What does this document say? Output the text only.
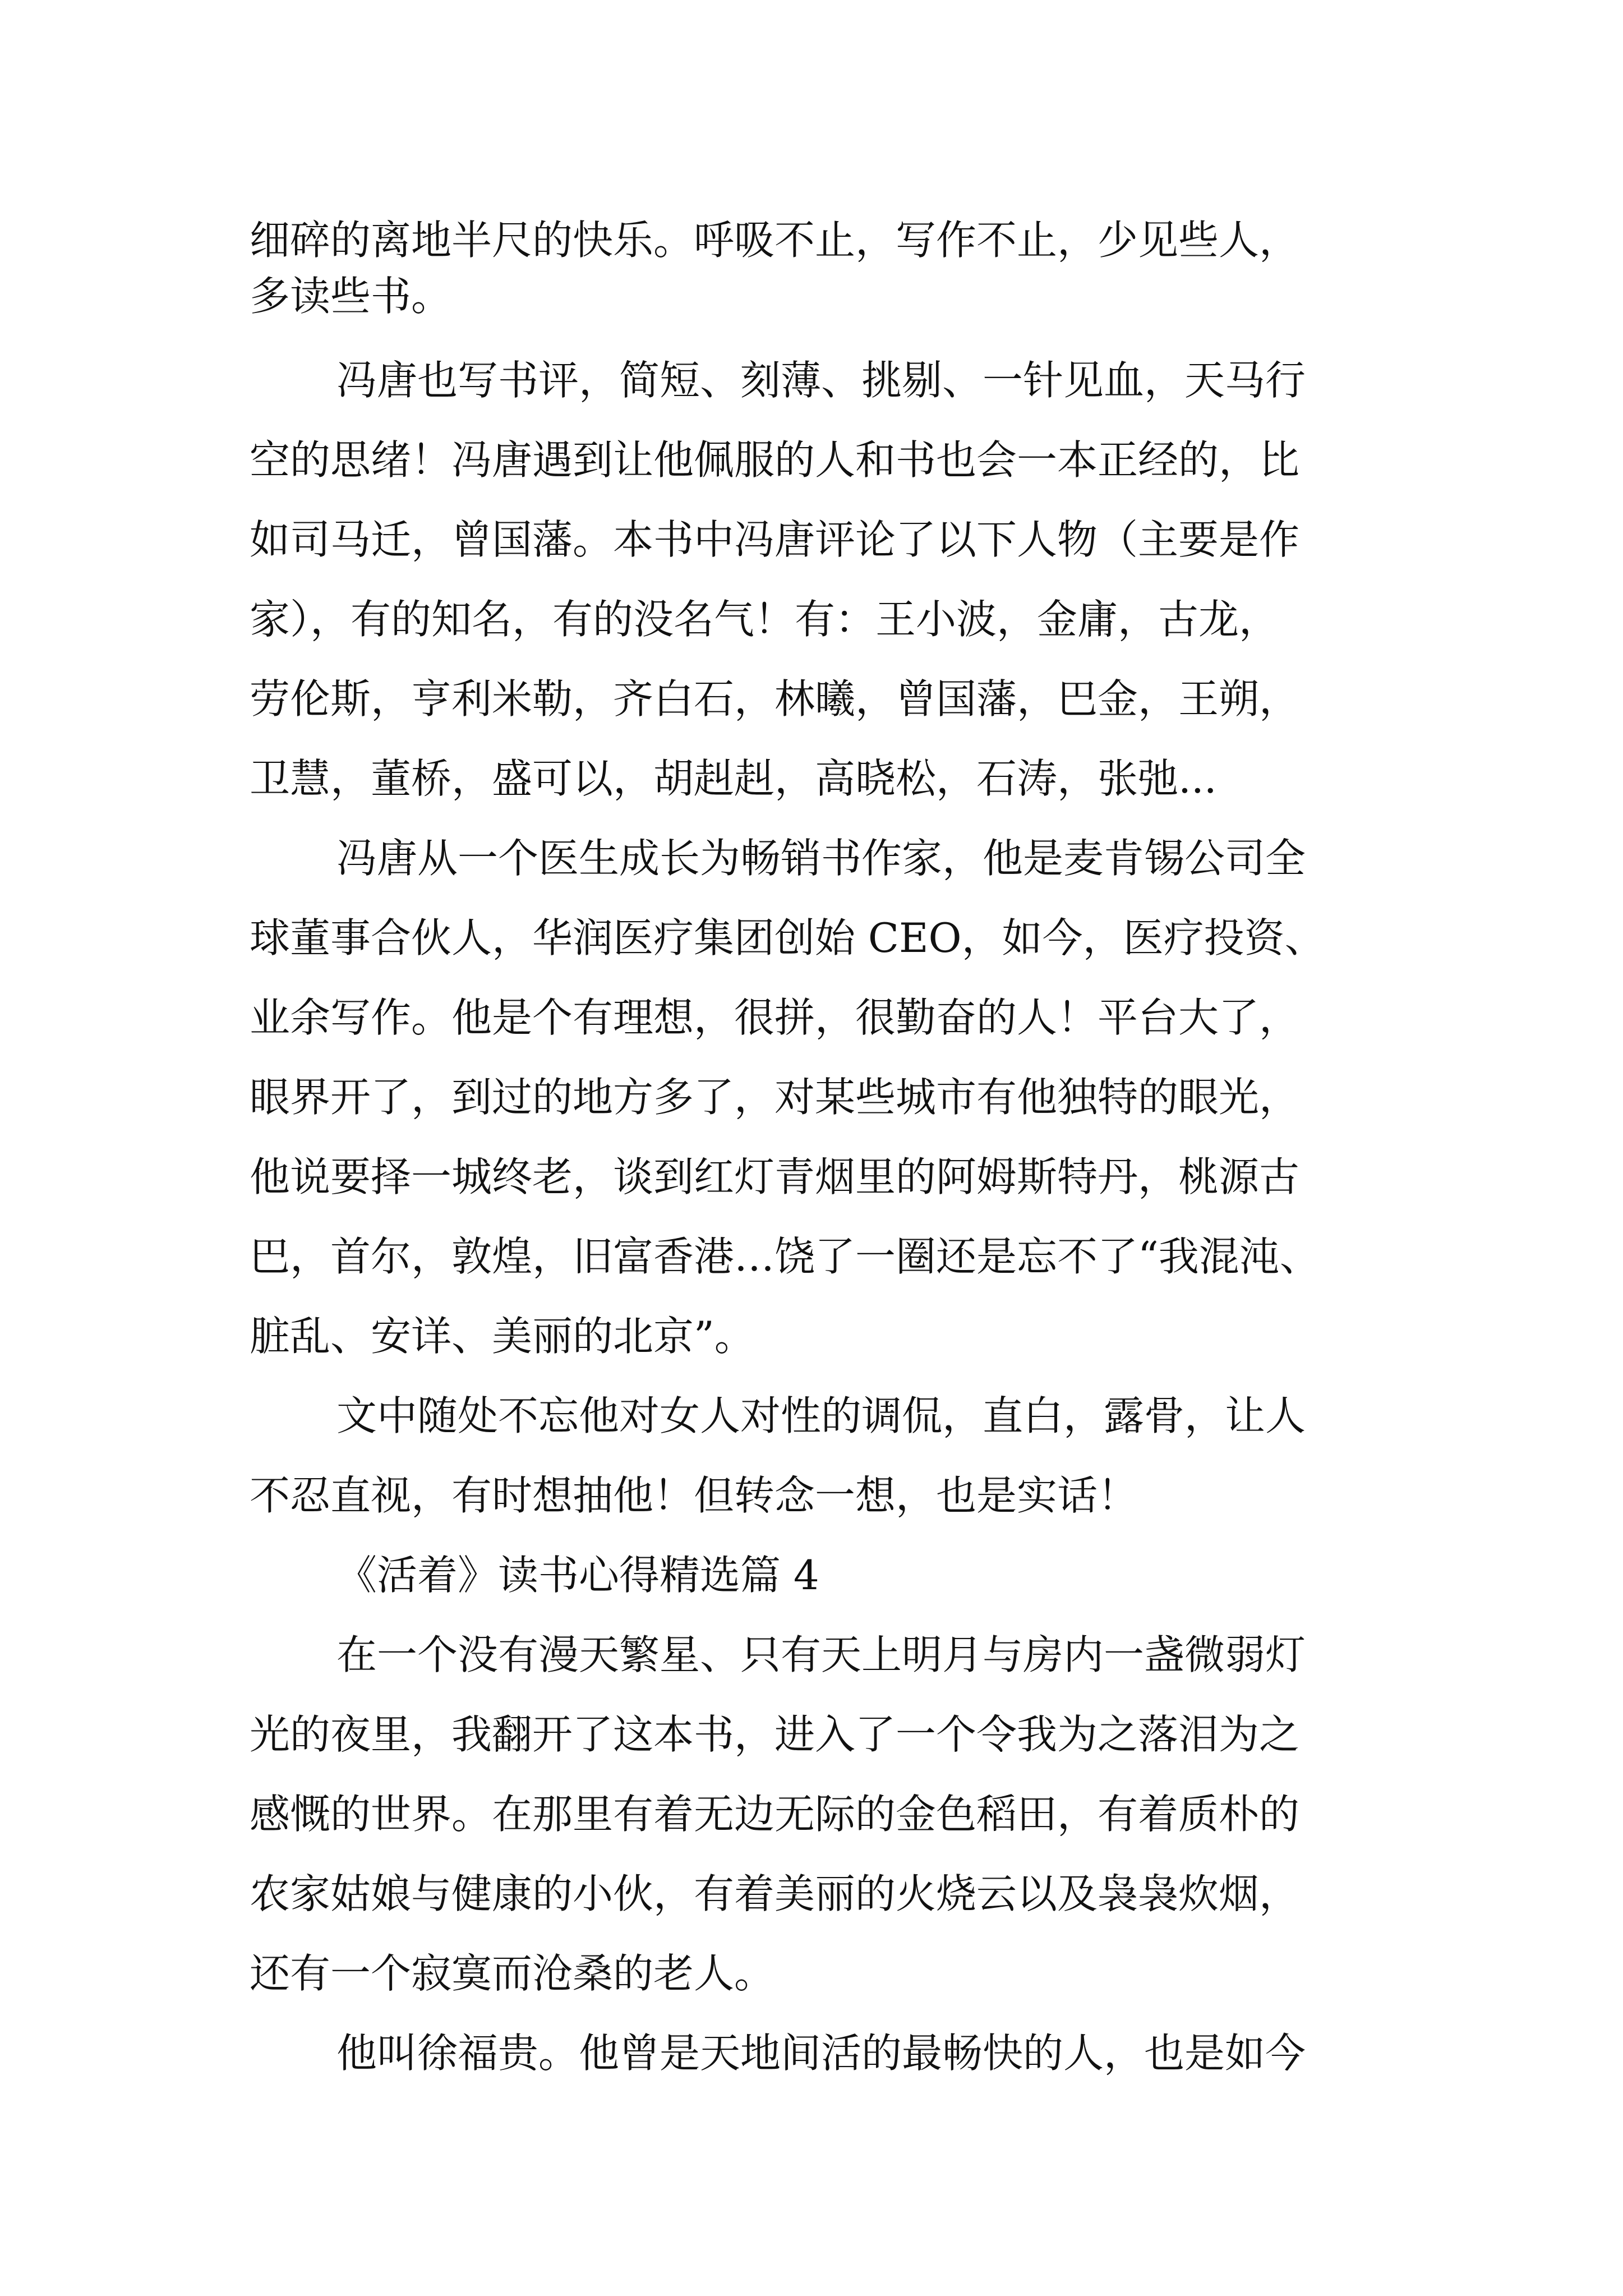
细碎的离地半尺的快乐。呼吸不止，写作不止，少见些人，

多读些书。

冯唐也写书评，简短、刻薄、挑剔、一针见血，天马行

空的思绪！冯唐遇到让他佩服的人和书也会一本正经的，比

如司马迁，曾国藩。本书中冯唐评论了以下人物（主要是作

家），有的知名，有的没名气！有：王小波，金庸，古龙，

劳伦斯，亨利米勒，齐白石，林曦，曾国藩，巴金，王朔，

卫慧，董桥，盛可以，胡赳赳，高晓松，石涛，张弛...

冯唐从一个医生成长为畅销书作家，他是麦肯锡公司全

球董事合伙人，华润医疗集团创始 CEO，如今，医疗投资、

业余写作。他是个有理想，很拼，很勤奋的人！平台大了，

眼界开了，到过的地方多了，对某些城市有他独特的眼光，

他说要择一城终老，谈到红灯青烟里的阿姆斯特丹，桃源古

巴，首尔，敦煌，旧富香港…饶了一圈还是忘不了“我混沌、

脏乱、安详、美丽的北京”。

文中随处不忘他对女人对性的调侃，直白，露骨，让人

不忍直视，有时想抽他！但转念一想，也是实话！

《活着》读书心得精选篇 4

在一个没有漫天繁星、只有天上明月与房内一盏微弱灯

光的夜里，我翻开了这本书，进入了一个令我为之落泪为之

感慨的世界。在那里有着无边无际的金色稻田，有着质朴的

农家姑娘与健康的小伙，有着美丽的火烧云以及袅袅炊烟，

还有一个寂寞而沧桑的老人。

他叫徐福贵。他曾是天地间活的最畅快的人，也是如今
